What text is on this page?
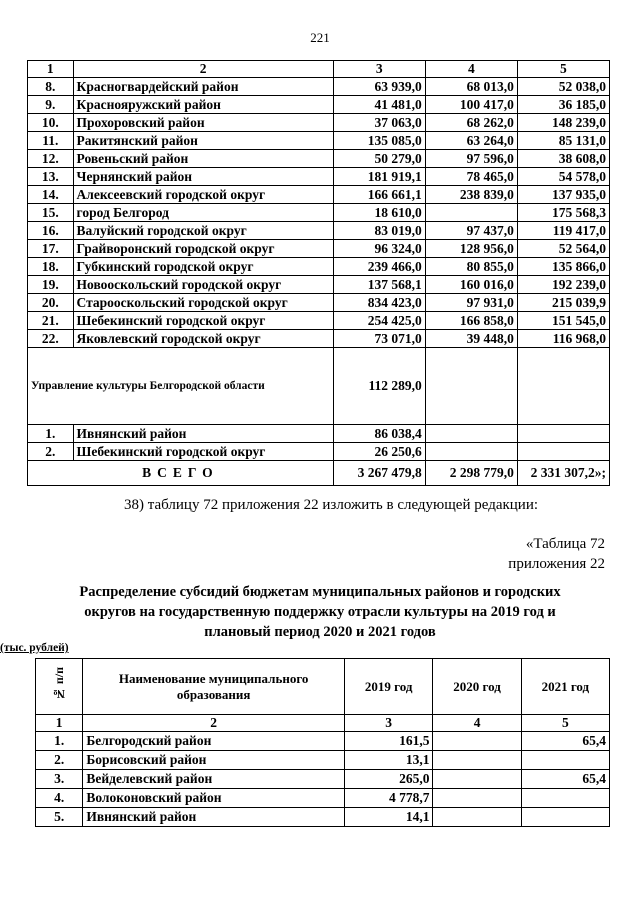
221
1	2	3	4	5
8.	Красногвардейский район	63 939,0	68 013,0	52 038,0
9.	Краснояружский район	41 481,0	100 417,0	36 185,0
10.	Прохоровский район	37 063,0	68 262,0	148 239,0
11.	Ракитянский район	135 085,0	63 264,0	85 131,0
12.	Ровеньский район	50 279,0	97 596,0	38 608,0
13.	Чернянский район	181 919,1	78 465,0	54 578,0
14.	Алексеевский городской округ	166 661,1	238 839,0	137 935,0
15.	город Белгород	18 610,0		175 568,3
16.	Валуйский городской округ	83 019,0	97 437,0	119 417,0
17.	Грайворонский городской округ	96 324,0	128 956,0	52 564,0
18.	Губкинский городской округ	239 466,0	80 855,0	135 866,0
19.	Новооскольский городской округ	137 568,1	160 016,0	192 239,0
20.	Старооскольский городской округ	834 423,0	97 931,0	215 039,9
21.	Шебекинский городской округ	254 425,0	166 858,0	151 545,0
22.	Яковлевский городской округ	73 071,0	39 448,0	116 968,0
Управление культуры Белгородской области		112 289,0		
1.	Ивнянский район	86 038,4		
2.	Шебекинский городской округ	26 250,6		
ВСЕГО		3 267 479,8	2 298 779,0	2 331 307,2»;
38) таблицу 72 приложения 22 изложить в следующей редакции:
«Таблица 72
приложения 22
Распределение субсидий бюджетам муниципальных районов и городских округов на государственную поддержку отрасли культуры на 2019 год и плановый период 2020 и 2021 годов
(тыс. рублей)
№ п/п	Наименование муниципального образования	2019 год	2020 год	2021 год
1	2	3	4	5
1.	Белгородский район	161,5		65,4
2.	Борисовский район	13,1		
3.	Вейделевский район	265,0		65,4
4.	Волоконовский район	4 778,7		
5.	Ивнянский район	14,1		
